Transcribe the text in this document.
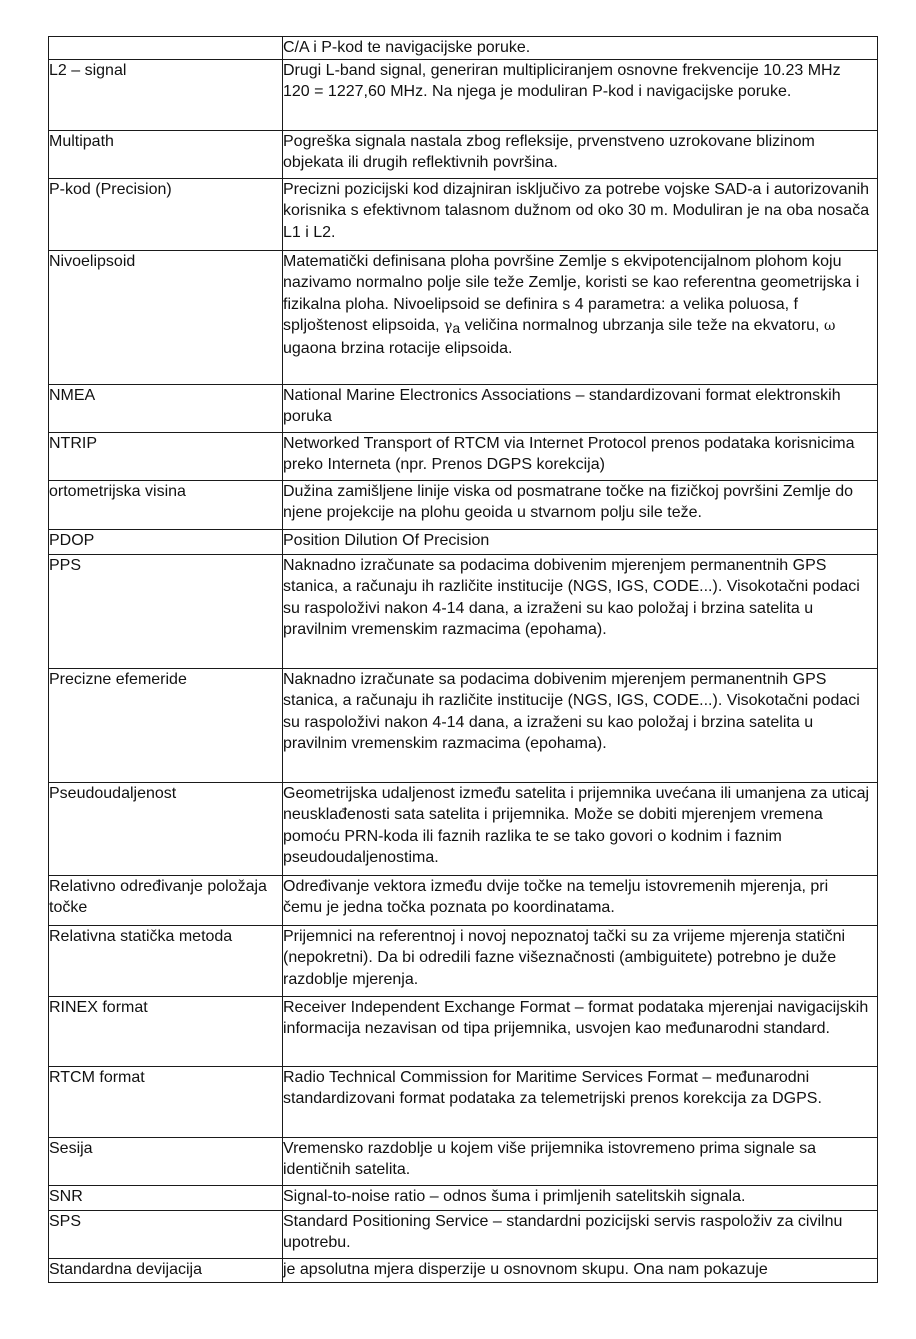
	C/A i P-kod te navigacijske poruke.
L2 – signal	Drugi L-band signal, generiran multipliciranjem osnovne frekvencije 10.23 MHz 120 = 1227,60 MHz. Na njega je moduliran P-kod i navigacijske poruke.
Multipath	Pogreška signala nastala zbog refleksije, prvenstveno uzrokovane blizinom objekata ili drugih reflektivnih površina.
P-kod (Precision)	Precizni pozicijski kod dizajniran isključivo za potrebe vojske SAD-a i autorizovanih korisnika s efektivnom talasnom dužnom od oko 30 m. Moduliran je na oba nosača L1 i L2.
Nivoelipsoid	Matematički definisana ploha površine Zemlje s ekvipotencijalnom plohom koju nazivamo normalno polje sile teže Zemlje, koristi se kao referentna geometrijska i fizikalna ploha. Nivoelipsoid se definira s 4 parametra: a velika poluosa, f spljoštenost elipsoida, γa veličina normalnog ubrzanja sile teže na ekvatoru, ω ugaona brzina rotacije elipsoida.
NMEA	National Marine Electronics Associations – standardizovani format elektronskih poruka
NTRIP	Networked Transport of RTCM via Internet Protocol prenos podataka korisnicima preko Interneta (npr. Prenos DGPS korekcija)
ortometrijska visina	Dužina zamišljene linije viska od posmatrane točke na fizičkoj površini Zemlje do njene projekcije na plohu geoida u stvarnom polju sile teže.
PDOP	Position Dilution Of Precision
PPS	Naknadno izračunate sa podacima dobivenim mjerenjem permanentnih GPS stanica, a računaju ih različite institucije (NGS, IGS, CODE...). Visokotačni podaci su raspoloživi nakon 4-14 dana, a izraženi su kao položaj i brzina satelita u pravilnim vremenskim razmacima (epohama).
Precizne efemeride	Naknadno izračunate sa podacima dobivenim mjerenjem permanentnih GPS stanica, a računaju ih različite institucije (NGS, IGS, CODE...). Visokotačni podaci su raspoloživi nakon 4-14 dana, a izraženi su kao položaj i brzina satelita u pravilnim vremenskim razmacima (epohama).
Pseudoudaljenost	Geometrijska udaljenost između satelita i prijemnika uvećana ili umanjena za uticaj neusklađenosti sata satelita i prijemnika. Može se dobiti mjerenjem vremena pomoću PRN-koda ili faznih razlika te se tako govori o kodnim i faznim pseudoudaljenostima.
Relativno određivanje položaja točke	Određivanje vektora između dvije točke na temelju istovremenih mjerenja, pri čemu je jedna točka poznata po koordinatama.
Relativna statička metoda	Prijemnici na referentnoj i novoj nepoznatoj tački su za vrijeme mjerenja statični (nepokretni). Da bi odredili fazne višeznačnosti (ambiguitete) potrebno je duže razdoblje mjerenja.
RINEX format	Receiver Independent Exchange Format – format podataka mjerenjai navigacijskih informacija nezavisan od tipa prijemnika, usvojen kao međunarodni standard.
RTCM format	Radio Technical Commission for Maritime Services Format – međunarodni standardizovani format podataka za telemetrijski prenos korekcija za DGPS.
Sesija	Vremensko razdoblje u kojem više prijemnika istovremeno prima signale sa identičnih satelita.
SNR	Signal-to-noise ratio – odnos šuma i primljenih satelitskih signala.
SPS	Standard Positioning Service – standardni pozicijski servis raspoloživ za civilnu upotrebu.
Standardna devijacija	je apsolutna mjera disperzije u osnovnom skupu. Ona nam pokazuje
